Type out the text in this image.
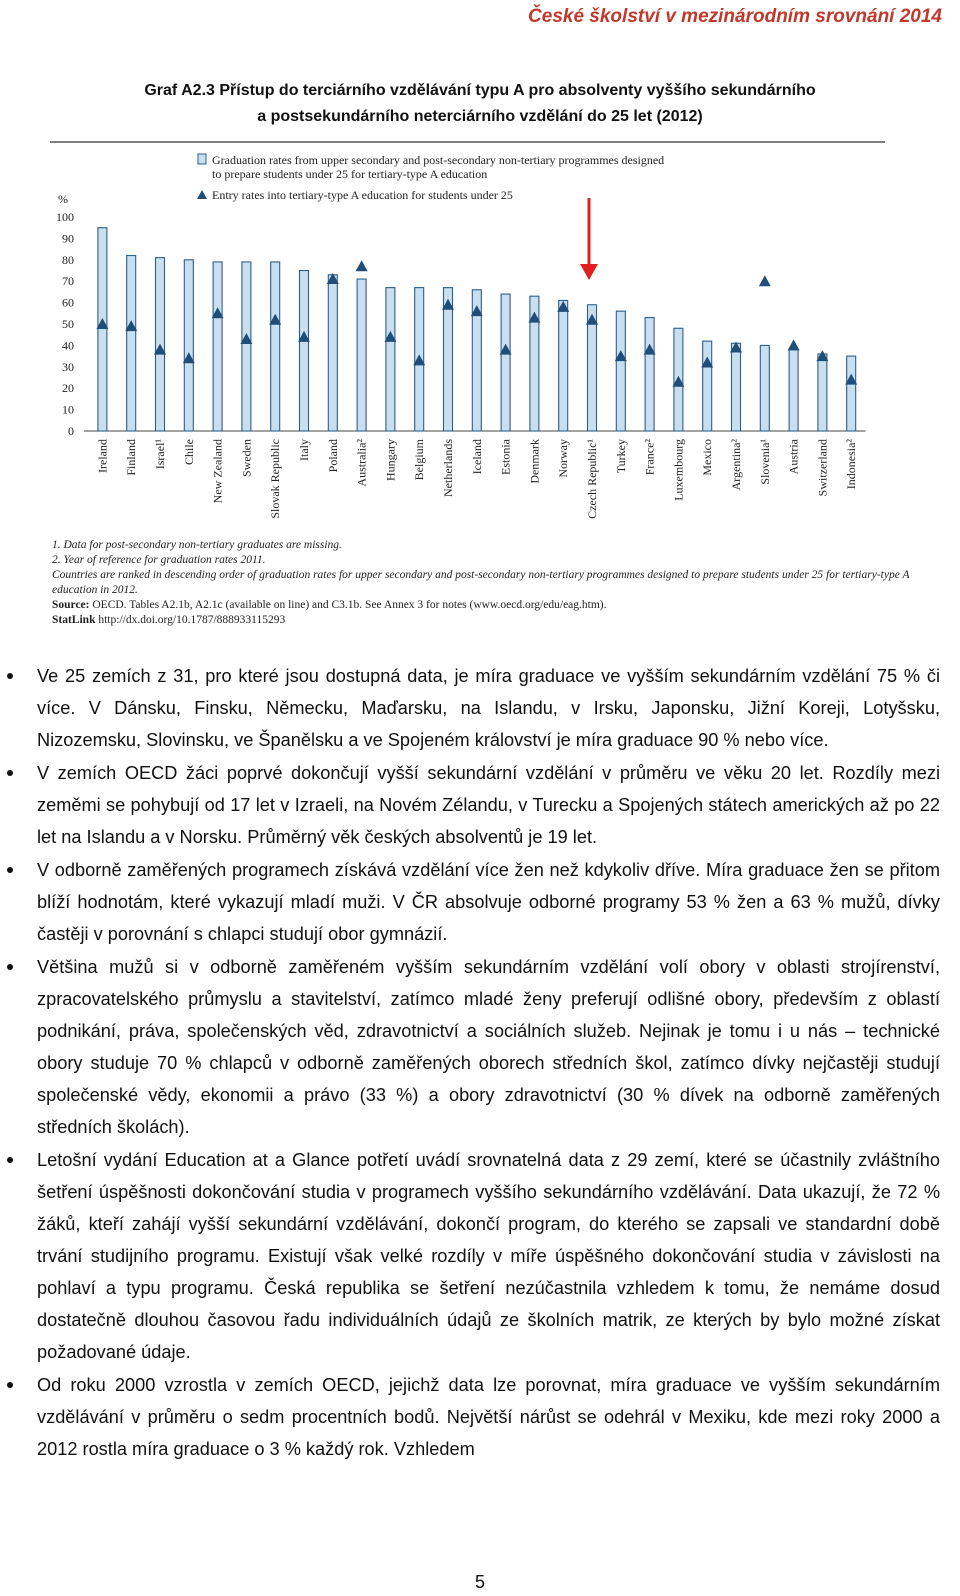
České školství v mezinárodním srovnání 2014
Graf A2.3 Přístup do terciárního vzdělávání typu A pro absolventy vyššího sekundárního
a postsekundárního neterciárního vzdělání do 25 let (2012)
Graduation rates from upper secondary and post-secondary non-tertiary programmes designed to prepare students under 25 for tertiary-type A education
Entry rates into tertiary-type A education for students under 25
%
0
10
20
30
40
50
60
70
80
90
100
Ireland Finland Israel¹ Chile New Zealand Sweden Slovak Republic Italy Poland Australia² Hungary Belgium Netherlands Iceland Estonia Denmark Norway Czech Republic¹ Turkey France² Luxembourg Mexico Argentina² Slovenia¹ Austria Switzerland Indonesia²
1. Data for post-secondary non-tertiary graduates are missing.
2. Year of reference for graduation rates 2011.
Countries are ranked in descending order of graduation rates for upper secondary and post-secondary non-tertiary programmes designed to prepare students under 25 for tertiary-type A education in 2012.
Source: OECD. Tables A2.1b, A2.1c (available on line) and C3.1b. See Annex 3 for notes (www.oecd.org/edu/eag.htm).
StatLink http://dx.doi.org/10.1787/888933115293
Ve 25 zemích z 31, pro které jsou dostupná data, je míra graduace ve vyšším sekundárním vzdělání 75 % či více. V Dánsku, Finsku, Německu, Maďarsku, na Islandu, v Irsku, Japonsku, Jižní Koreji, Lotyšsku, Nizozemsku, Slovinsku, ve Španělsku a ve Spojeném království je míra graduace 90 % nebo více.
V zemích OECD žáci poprvé dokončují vyšší sekundární vzdělání v průměru ve věku 20 let. Rozdíly mezi zeměmi se pohybují od 17 let v Izraeli, na Novém Zélandu, v Turecku a Spojených státech amerických až po 22 let na Islandu a v Norsku. Průměrný věk českých absolventů je 19 let.
V odborně zaměřených programech získává vzdělání více žen než kdykoliv dříve. Míra graduace žen se přitom blíží hodnotám, které vykazují mladí muži. V ČR absolvuje odborné programy 53 % žen a 63 % mužů, dívky častěji v porovnání s chlapci studují obor gymnázií.
Většina mužů si v odborně zaměřeném vyšším sekundárním vzdělání volí obory v oblasti strojírenství, zpracovatelského průmyslu a stavitelství, zatímco mladé ženy preferují odlišné obory, především z oblastí podnikání, práva, společenských věd, zdravotnictví a sociálních služeb. Nejinak je tomu i u nás – technické obory studuje 70 % chlapců v odborně zaměřených oborech středních škol, zatímco dívky nejčastěji studují společenské vědy, ekonomii a právo (33 %) a obory zdravotnictví (30 % dívek na odborně zaměřených středních školách).
Letošní vydání Education at a Glance potřetí uvádí srovnatelná data z 29 zemí, které se účastnily zvláštního šetření úspěšnosti dokončování studia v programech vyššího sekundárního vzdělávání. Data ukazují, že 72 % žáků, kteří zahájí vyšší sekundární vzdělávání, dokončí program, do kterého se zapsali ve standardní době trvání studijního programu. Existují však velké rozdíly v míře úspěšného dokončování studia v závislosti na pohlaví a typu programu. Česká republika se šetření nezúčastnila vzhledem k tomu, že nemáme dosud dostatečně dlouhou časovou řadu individuálních údajů ze školních matrik, ze kterých by bylo možné získat požadované údaje.
Od roku 2000 vzrostla v zemích OECD, jejichž data lze porovnat, míra graduace ve vyšším sekundárním vzdělávání v průměru o sedm procentních bodů. Největší nárůst se odehrál v Mexiku, kde mezi roky 2000 a 2012 rostla míra graduace o 3 % každý rok. Vzhledem
5
